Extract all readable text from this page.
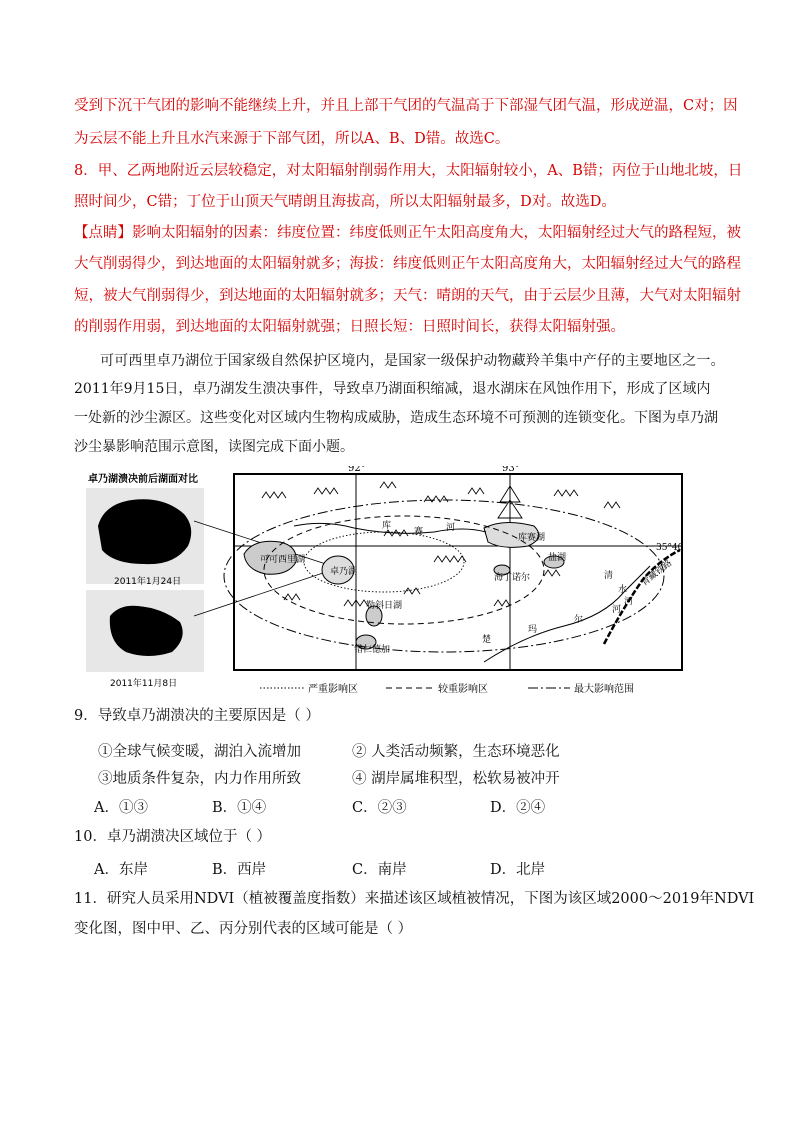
受到下沉干气团的影响不能继续上升，并且上部干气团的气温高于下部湿气团气温，形成逆温，C对；因
为云层不能上升且水汽来源于下部气团，所以A、B、D错。故选C。
8．甲、乙两地附近云层较稳定，对太阳辐射削弱作用大，太阳辐射较小，A、B错；丙位于山地北坡，日
照时间少，C错；丁位于山顶天气晴朗且海拔高，所以太阳辐射最多，D对。故选D。
【点睛】影响太阳辐射的因素：纬度位置：纬度低则正午太阳高度角大，太阳辐射经过大气的路程短，被
大气削弱得少，到达地面的太阳辐射就多；海拔：纬度低则正午太阳高度角大，太阳辐射经过大气的路程
短，被大气削弱得少，到达地面的太阳辐射就多；天气：晴朗的天气，由于云层少且薄，大气对太阳辐射
的削弱作用弱，到达地面的太阳辐射就强；日照长短：日照时间长，获得太阳辐射强。
可可西里卓乃湖位于国家级自然保护区境内，是国家一级保护动物藏羚羊集中产仔的主要地区之一。
2011年9月15日，卓乃湖发生溃决事件，导致卓乃湖面积缩减，退水湖床在风蚀作用下，形成了区域内
一处新的沙尘源区。这些变化对区域内生物构成威胁，造成生态环境不可预测的连锁变化。下图为卓乃湖
沙尘暴影响范围示意图，读图完成下面小题。
卓乃湖溃决前后湖面对比
2011年1月24日
2011年11月8日
92°	93°
35°40'
可可西里湖
卓乃湖
库赛湖
盐湖
海丁诺尔
勒斜日湖
错仁德加
库
赛	河
楚
玛
尔
河
青藏铁路
清
水
河
严重影响区	较重影响区	最大影响范围
9．导致卓乃湖溃决的主要原因是（ ）
①全球气候变暖，湖泊入流增加	② 人类活动频繁，生态环境恶化
③地质条件复杂，内力作用所致	④ 湖岸属堆积型，松软易被冲开
A．①③	B．①④	C．②③	D．②④
10．卓乃湖溃决区域位于（ ）
A．东岸	B．西岸	C．南岸	D．北岸
11．研究人员采用NDVI（植被覆盖度指数）来描述该区域植被情况，下图为该区域2000～2019年NDVI
变化图，图中甲、乙、丙分别代表的区域可能是（ ）
